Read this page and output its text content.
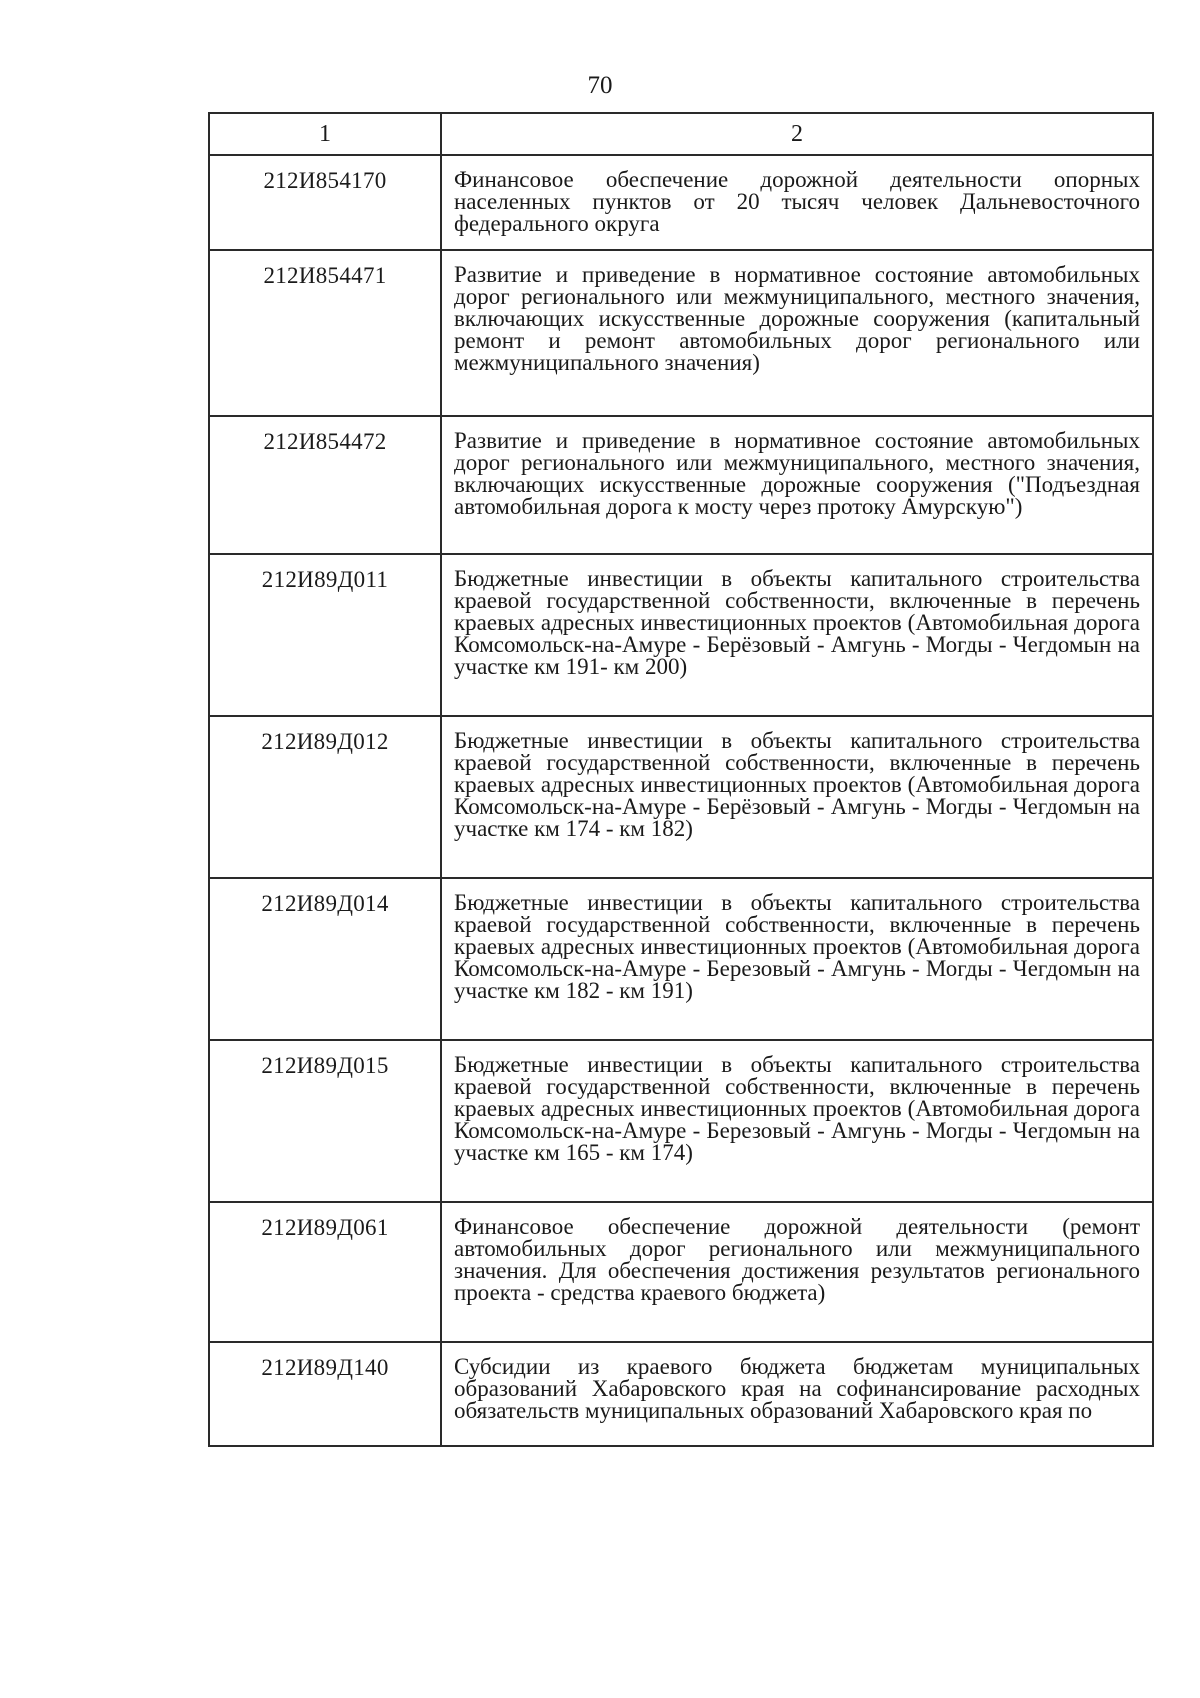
70
1	2
212И854170	Финансовое обеспечение дорожной деятельности опорных населенных пунктов от 20 тысяч человек Дальневосточного федерального округа

212И854471	Развитие и приведение в нормативное состояние автомобильных дорог регионального или межмуниципального, местного значения, включающих искусственные дорожные сооружения (капитальный ремонт и ремонт автомобильных дорог регионального или межмуниципального значения)

212И854472	Развитие и приведение в нормативное состояние автомобильных дорог регионального или межмуниципального, местного значения, включающих искусственные дорожные сооружения ("Подъездная автомобильная дорога к мосту через протоку Амурскую")

212И89Д011	Бюджетные инвестиции в объекты капитального строительства краевой государственной собственности, включенные в перечень краевых адресных инвестиционных проектов (Автомобильная дорога Комсомольск-на-Амуре - Берёзовый - Амгунь - Могды - Чегдомын на участке км 191- км 200)

212И89Д012	Бюджетные инвестиции в объекты капитального строительства краевой государственной собственности, включенные в перечень краевых адресных инвестиционных проектов (Автомобильная дорога Комсомольск-на-Амуре - Берёзовый - Амгунь - Могды - Чегдомын на участке км 174 - км 182)

212И89Д014	Бюджетные инвестиции в объекты капитального строительства краевой государственной собственности, включенные в перечень краевых адресных инвестиционных проектов (Автомобильная дорога Комсомольск-на-Амуре - Березовый - Амгунь - Могды - Чегдомын на участке км 182 - км 191)

212И89Д015	Бюджетные инвестиции в объекты капитального строительства краевой государственной собственности, включенные в перечень краевых адресных инвестиционных проектов (Автомобильная дорога Комсомольск-на-Амуре - Березовый - Амгунь - Могды - Чегдомын на участке км 165 - км 174)

212И89Д061	Финансовое обеспечение дорожной деятельности (ремонт автомобильных дорог регионального или межмуниципального значения. Для обеспечения достижения результатов регионального проекта - средства краевого бюджета)

212И89Д140	Субсидии из краевого бюджета бюджетам муниципальных образований Хабаровского края на софинансирование расходных обязательств муниципальных образований Хабаровского края по
